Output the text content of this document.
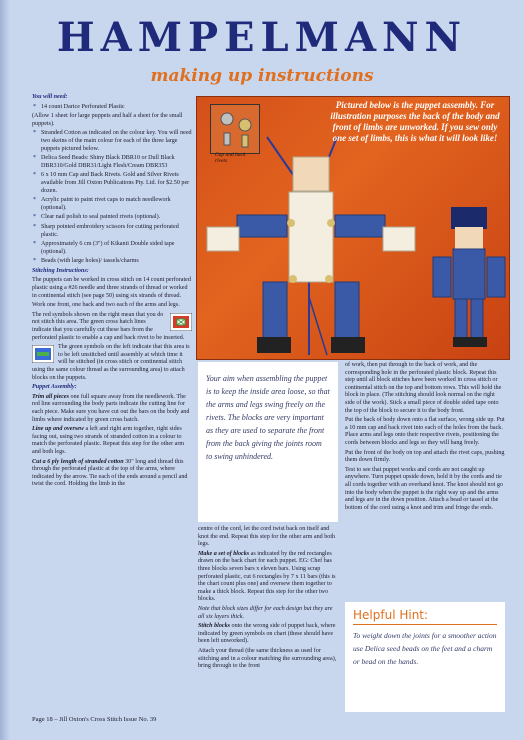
HAMPELMANN
making up instructions

You will need:

* 14 count Darice Perforated Plastic

(Allow 1 sheet for large puppets and half a sheet for the small puppets).

* Stranded Cotton as indicated on the colour key. You will need two skeins of the main colour for each of the three large puppets pictured below.

* Delica Seed Beads: Shiny Black DBR10 or Dull Black DBR310/Gold DBR31/Light Flesh/Cream DBR353

* 6 x 10 mm Cap and Back Rivets. Gold and Silver Rivets available from Jill Oxton Publications Pty. Ltd. for $2.50 per dozen.

* Acrylic paint to paint rivet caps to match needlework (optional).

* Clear nail polish to seal painted rivets (optional).

* Sharp pointed embroidery scissors for cutting perforated plastic.

* Approximately 6 cm (3") of Kikanii Double sided tape (optional).

* Beads (with large holes)/ tassels/charms

Stitching Instructions:

The puppets can be worked in cross stitch on 14 count perforated plastic using a #26 needle and three strands of thread or worked in continental stitch (see page 50) using six strands of thread.

Work one front, one back and two each of the arms and legs.

The red symbols shown on the right mean that you do not stitch this area. The green cross hatch lines indicate that you carefully cut these bars from the perforated plastic to enable a cap and back rivet to be inserted.

The green symbols on the left indicate that this area is to be left unstitched until assembly at which time it will be stitched (in cross stitch or continental stitch using the same colour thread as the surrounding area) to attach blocks on the puppets.

Puppet Assembly:

Trim all pieces one full square away from the needlework. The red line surrounding the body parts indicate the cutting line for each piece. Make sure you have cut out the bars on the body and limbs where indicated by green cross hatch.

Line up and oversew a left and right arm together, right sides facing out, using two strands of stranded cotton in a colour to match the perforated plastic. Repeat this step for the other arm and both legs.

Cut a 6 ply length of stranded cotton 30" long and thread this through the perforated plastic at the top of the arms, where indicated by the arrow. Tie each of the ends around a pencil and twist the cord. Holding the limb in the

Cap and back rivets
Pictured below is the puppet assembly. For illustration purposes the back of the body and front of limbs are unworked. If you sew only one set of limbs, this is what it will look like!
Your aim when assembling the puppet is to keep the inside area loose, so that the arms and legs swing freely on the rivets. The blocks are very important as they are used to separate the front from the back giving the joints room to swing unhindered.

centre of the cord, let the cord twist back on itself and knot the end. Repeat this step for the other arm and both legs.

Make a set of blocks as indicated by the red rectangles drawn on the back chart for each puppet. EG: Chef has three blocks seven bars x eleven bars. Using scrap perforated plastic, cut 6 rectangles by 7 x 11 bars (this is the chart count plus one) and oversew them together to make a thick block. Repeat this step for the other two blocks.

Note that block sizes differ for each design but they are all six layers thick.

Stitch blocks onto the wrong side of puppet back, where indicated by green symbols on chart (these should have been left unworked).

Attach your thread (the same thickness as used for stitching and in a colour matching the surrounding area), bring through to the front

of work, then put through to the back of work, and the corresponding hole in the perforated plastic block. Repeat this step until all block stitches have been worked in cross stitch or continental stitch on the top and bottom rows. This will hold the block in place. (The stitching should look normal on the right side of the work). Stick a small piece of double sided tape onto the top of the block to secure it to the body front.

Put the back of body down onto a flat surface, wrong side up. Put a 10 mm cap and back rivet into each of the holes from the back. Place arms and legs onto their respective rivets, positioning the cords between blocks and legs so they will hang freely.

Put the front of the body on top and attach the rivet caps, pushing them down firmly.

Test to see that puppet works and cords are not caught up anywhere. Turn puppet upside down, hold it by the cords and tie all cords together with an overhand knot. The knot should not go into the body when the puppet is the right way up and the arms and legs are in the down position. Attach a bead or tassel at the bottom of the cord using a knot and trim and fringe the ends.

Helpful Hint:
To weight down the joints for a smoother action use Delica seed beads on the feet and a charm or bead on the hands.
Page 18 – Jill Oxton's Cross Stitch Issue No. 39
